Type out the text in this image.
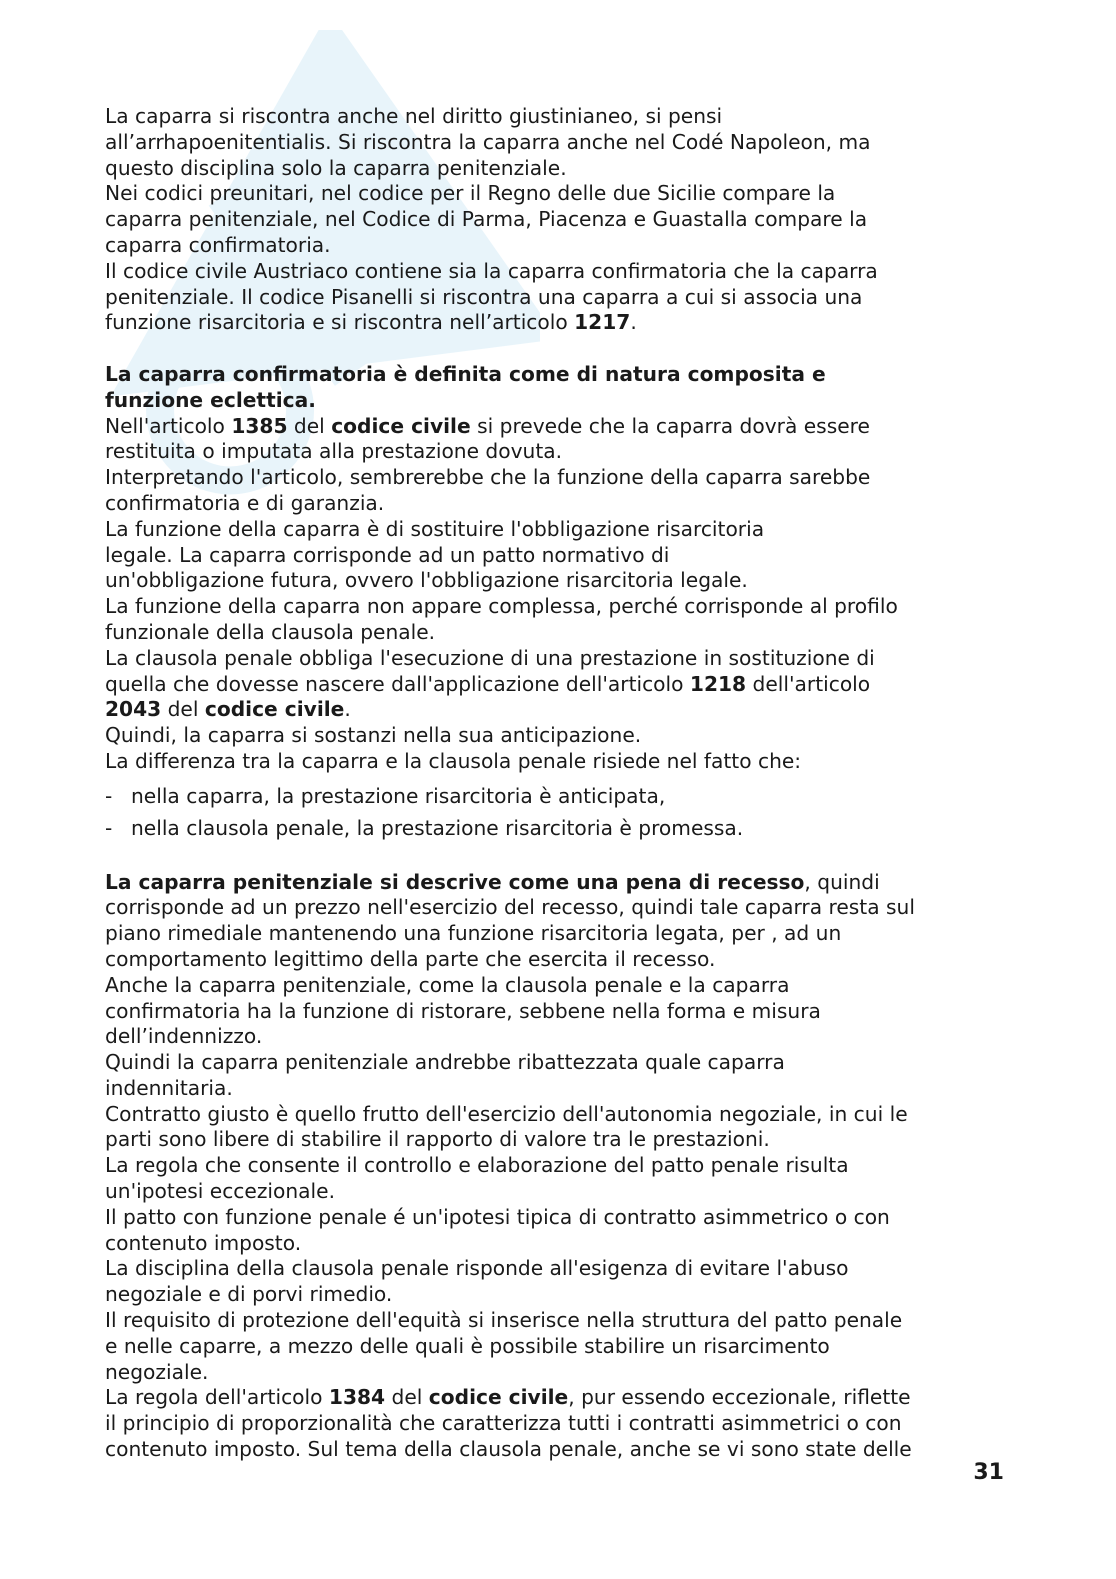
La caparra si riscontra anche nel diritto giustinianeo, si pensi
all’arrhapoenitentialis. Si riscontra la caparra anche nel Codé Napoleon, ma
questo disciplina solo la caparra penitenziale.

Nei codici preunitari, nel codice per il Regno delle due Sicilie compare la
caparra penitenziale, nel Codice di Parma, Piacenza e Guastalla compare la
caparra confirmatoria.

Il codice civile Austriaco contiene sia la caparra confirmatoria che la caparra
penitenziale. Il codice Pisanelli si riscontra una caparra a cui si associa una
funzione risarcitoria e si riscontra nell’articolo 1217.

La caparra confirmatoria è definita come di natura composita e
funzione eclettica.

Nell'articolo 1385 del codice civile si prevede che la caparra dovrà essere
restituita o imputata alla prestazione dovuta.

Interpretando l'articolo, sembrerebbe che la funzione della caparra sarebbe
confirmatoria e di garanzia.

La funzione della caparra è di sostituire l'obbligazione risarcitoria
legale. La caparra corrisponde ad un patto normativo di
un'obbligazione futura, ovvero l'obbligazione risarcitoria legale.

La funzione della caparra non appare complessa, perché corrisponde al profilo
funzionale della clausola penale.

La clausola penale obbliga l'esecuzione di una prestazione in sostituzione di
quella che dovesse nascere dall'applicazione dell'articolo 1218 dell'articolo
2043 del codice civile.

Quindi, la caparra si sostanzi nella sua anticipazione.

La differenza tra la caparra e la clausola penale risiede nel fatto che:

- nella caparra, la prestazione risarcitoria è anticipata,
- nella clausola penale, la prestazione risarcitoria è promessa.

La caparra penitenziale si descrive come una pena di recesso, quindi
corrisponde ad un prezzo nell'esercizio del recesso, quindi tale caparra resta sul
piano rimediale mantenendo una funzione risarcitoria legata, per , ad un
comportamento legittimo della parte che esercita il recesso.

Anche la caparra penitenziale, come la clausola penale e la caparra
confirmatoria ha la funzione di ristorare, sebbene nella forma e misura
dell’indennizzo.

Quindi la caparra penitenziale andrebbe ribattezzata quale caparra
indennitaria.

Contratto giusto è quello frutto dell'esercizio dell'autonomia negoziale, in cui le
parti sono libere di stabilire il rapporto di valore tra le prestazioni.

La regola che consente il controllo e elaborazione del patto penale risulta
un'ipotesi eccezionale.

Il patto con funzione penale é un'ipotesi tipica di contratto asimmetrico o con
contenuto imposto.

La disciplina della clausola penale risponde all'esigenza di evitare l'abuso
negoziale e di porvi rimedio.

Il requisito di protezione dell'equità si inserisce nella struttura del patto penale
e nelle caparre, a mezzo delle quali è possibile stabilire un risarcimento
negoziale.

La regola dell'articolo 1384 del codice civile, pur essendo eccezionale, riflette
il principio di proporzionalità che caratterizza tutti i contratti asimmetrici o con
contenuto imposto. Sul tema della clausola penale, anche se vi sono state delle

31
